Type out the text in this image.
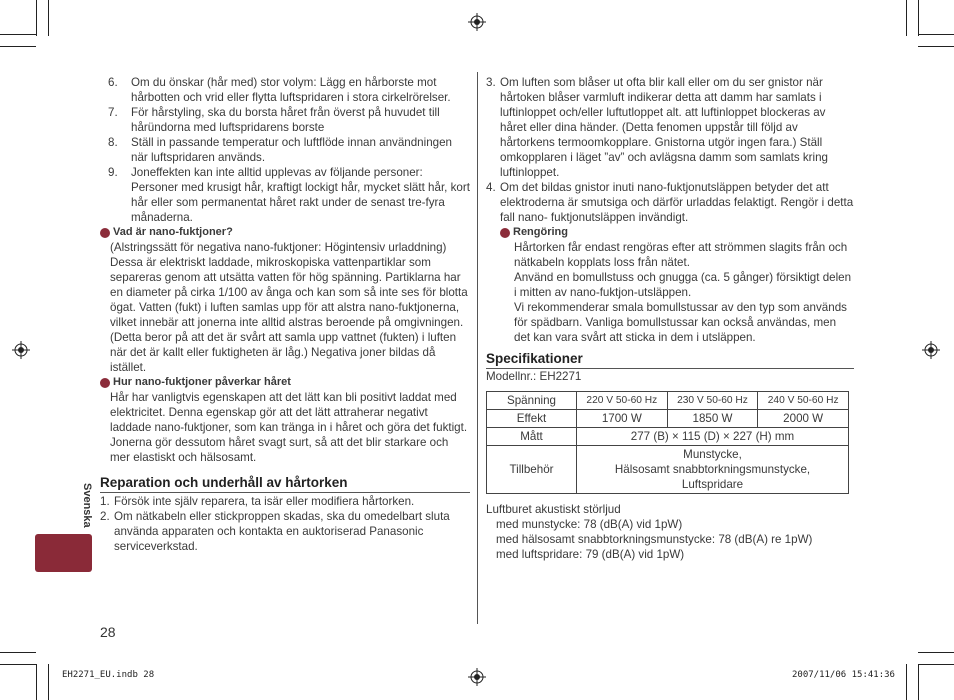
6. Om du önskar (hår med) stor volym: Lägg en hårborste mot hårbotten och vrid eller flytta luftspridaren i stora cirkelrörelser.
7. För hårstyling, ska du borsta håret från överst på huvudet till håründorna med luftspridarens borste
8. Ställ in passande temperatur och luftflöde innan användningen när luftspridaren används.
9. Joneffekten kan inte alltid upplevas av följande personer: Personer med krusigt hår, kraftigt lockigt hår, mycket slätt hår, kort hår eller som permanentat håret rakt under de senast tre-fyra månaderna.
Vad är nano-fuktjoner?
(Alstringssätt för negativa nano-fuktjoner: Högintensiv urladdning) Dessa är elektriskt laddade, mikroskopiska vattenpartiklar som separeras genom att utsätta vatten för hög spänning. Partiklarna har en diameter på cirka 1/100 av ånga och kan som så inte ses för blotta ögat. Vatten (fukt) i luften samlas upp för att alstra nano-fuktjonerna, vilket innebär att jonerna inte alltid alstras beroende på omgivningen. (Detta beror på att det är svårt att samla upp vattnet (fukten) i luften när det är kallt eller fuktigheten är låg.) Negativa joner bildas då istället.
Hur nano-fuktjoner påverkar håret
Hår har vanligtvis egenskapen att det lätt kan bli positivt laddat med elektricitet. Denna egenskap gör att det lätt attraherar negativt laddade nano-fuktjoner, som kan tränga in i håret och göra det fuktigt. Jonerna gör dessutom håret svagt surt, så att det blir starkare och mer elastiskt och hälsosamt.
Reparation och underhåll av hårtorken
1. Försök inte själv reparera, ta isär eller modifiera hårtorken.
2. Om nätkabeln eller stickproppen skadas, ska du omedelbart sluta använda apparaten och kontakta en auktoriserad Panasonic serviceverkstad.
3. Om luften som blåser ut ofta blir kall eller om du ser gnistor när hårtoken blåser varmluft indikerar detta att damm har samlats i luftinloppet och/eller luftutloppet alt. att luftinloppet blockeras av håret eller dina händer. (Detta fenomen uppstår till följd av hårtorkens termoomkopplare. Gnistorna utgör ingen fara.) Ställ omkopplaren i läget ”av” och avlägsna damm som samlats kring luftinloppet.
4. Om det bildas gnistor inuti nano-fuktjonutsläppen betyder det att elektroderna är smutsiga och därför urladdas felaktigt. Rengör i detta fall nano- fuktjonutsläppen invändigt.
Rengöring
Hårtorken får endast rengöras efter att strömmen slagits från och nätkabeln kopplats loss från nätet.
Använd en bomullstuss och gnugga (ca. 5 gånger) försiktigt delen i mitten av nano-fuktjon-utsläppen.
Vi rekommenderar smala bomullstussar av den typ som används för spädbarn. Vanliga bomullstussar kan också användas, men det kan vara svårt att sticka in dem i utsläppen.
Specifikationer
Modellnr.: EH2271
Spänning	220 V 50-60 Hz	230 V 50-60 Hz	240 V 50-60 Hz
Effekt	1700 W	1850 W	2000 W
Mått	277 (B) × 115 (D) × 227 (H) mm		
Tillbehör	Munstycke,
Hälsosamt snabbtorkningsmunstycke,
Luftspridare		
Luftburet akustiskt störljud
med munstycke: 78 (dB(A) vid 1pW)
med hälsosamt snabbtorkningsmunstycke: 78 (dB(A) re 1pW)
med luftspridare: 79 (dB(A) vid 1pW)
Svenska
28
EH2271_EU.indb 28	2007/11/06 15:41:36
